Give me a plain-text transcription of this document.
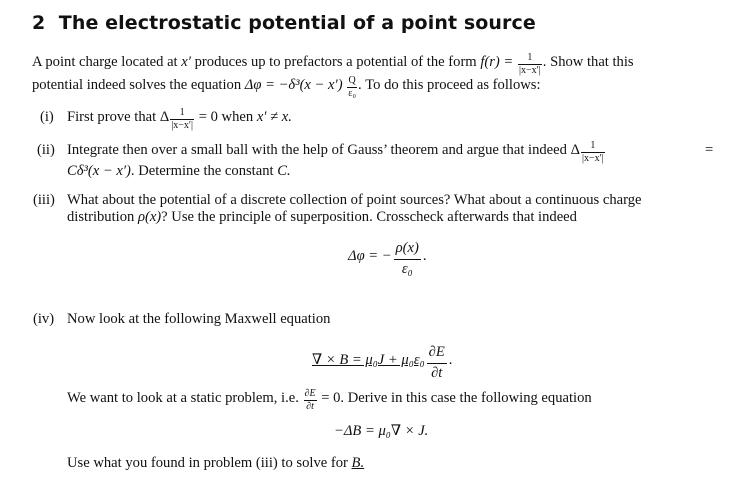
2 The electrostatic potential of a point source
A point charge located at x′ produces up to prefactors a potential of the form $f(r) = \frac{1}{|x-x'|}$ . Show that this
potential indeed solves the equation $\Delta\varphi = -\delta^3(x - x') \frac{Q}{\text{ε₀}}$ . To do this proceed as follows:
(i) First prove that Δ $\frac{1}{|x-x'|} = 0$ when x′ ≠ x.
(ii) Integrate then over a small ball with the help of Gauss’ theorem and argue that indeed Δ $\frac{1}{|x-x'|}$	=
Cδ³(x − x′). Determine the constant C.
(iii) What about the potential of a discrete collection of point sources? What about a continuous charge
distribution ρ(x)? Use the principle of superposition. Crosscheck afterwards that indeed
Δφ = − $\frac{\rho(x)}{\text{ε₀}}$ .
(iv) Now look at the following Maxwell equation
∇ × $B = \mu_0J + \mu_0\varepsilon_0 \frac{\partial E}{\partial t}$ .
We want to look at a static problem, i.e. $\frac{\partial E}{\partial t} = 0$. Derive in this case the following equation
−ΔB = μ₀∇ × J.
Use what you found in problem (iii) to solve for B.
